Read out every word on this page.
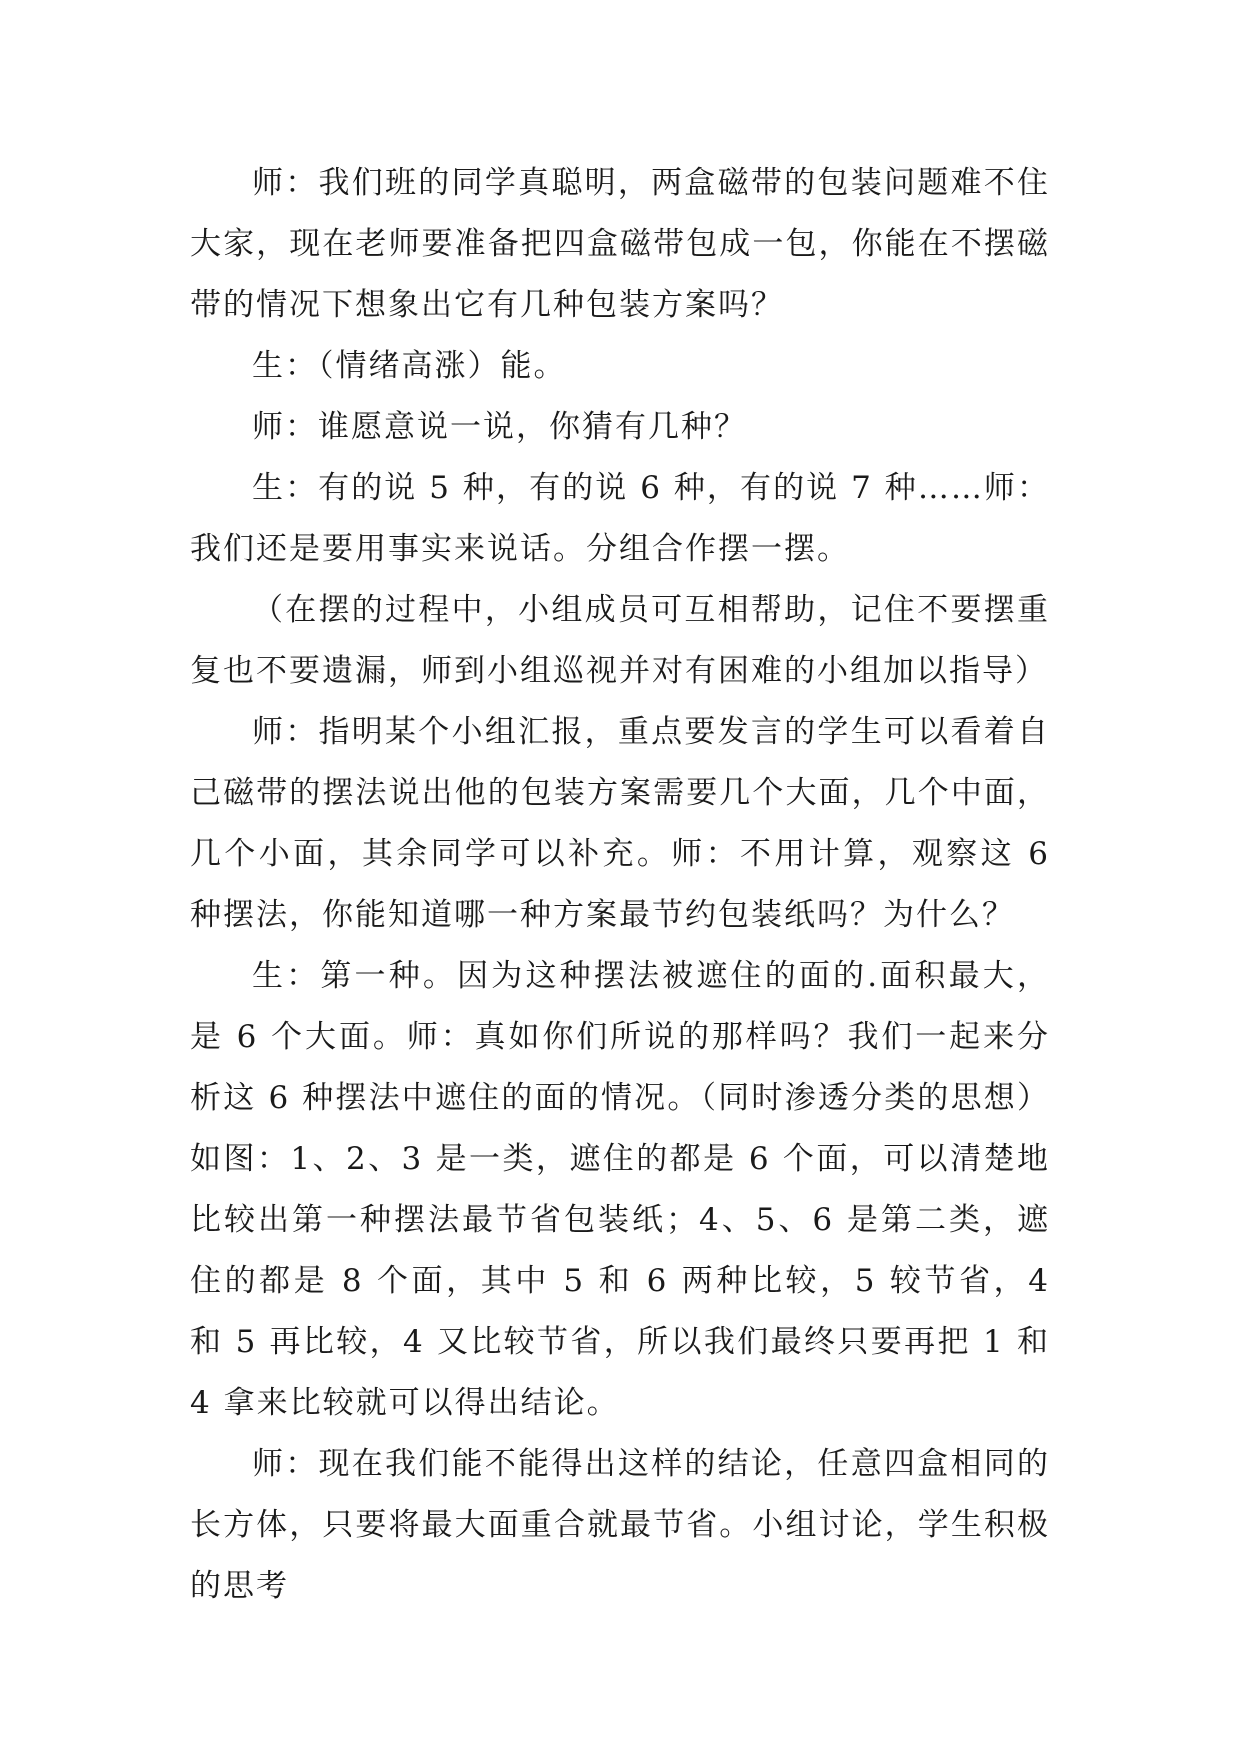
师：我们班的同学真聪明，两盒磁带的包装问题难不住大家，现在老师要准备把四盒磁带包成一包，你能在不摆磁带的情况下想象出它有几种包装方案吗？

生：（情绪高涨）能。

师：谁愿意说一说，你猜有几种？

生：有的说 5 种，有的说 6 种，有的说 7 种……师：我们还是要用事实来说话。分组合作摆一摆。

（在摆的过程中，小组成员可互相帮助，记住不要摆重复也不要遗漏，师到小组巡视并对有困难的小组加以指导）

师：指明某个小组汇报，重点要发言的学生可以看着自己磁带的摆法说出他的包装方案需要几个大面，几个中面，几个小面，其余同学可以补充。师：不用计算，观察这 6 种摆法，你能知道哪一种方案最节约包装纸吗？为什么？

生：第一种。因为这种摆法被遮住的面的.面积最大，是 6 个大面。师：真如你们所说的那样吗？我们一起来分析这 6 种摆法中遮住的面的情况。（同时渗透分类的思想）如图：1、2、3 是一类，遮住的都是 6 个面，可以清楚地比较出第一种摆法最节省包装纸；4、5、6 是第二类，遮住的都是 8 个面，其中 5 和 6 两种比较，5 较节省，4 和 5 再比较，4 又比较节省，所以我们最终只要再把 1 和 4 拿来比较就可以得出结论。

师：现在我们能不能得出这样的结论，任意四盒相同的长方体，只要将最大面重合就最节省。小组讨论，学生积极的思考
